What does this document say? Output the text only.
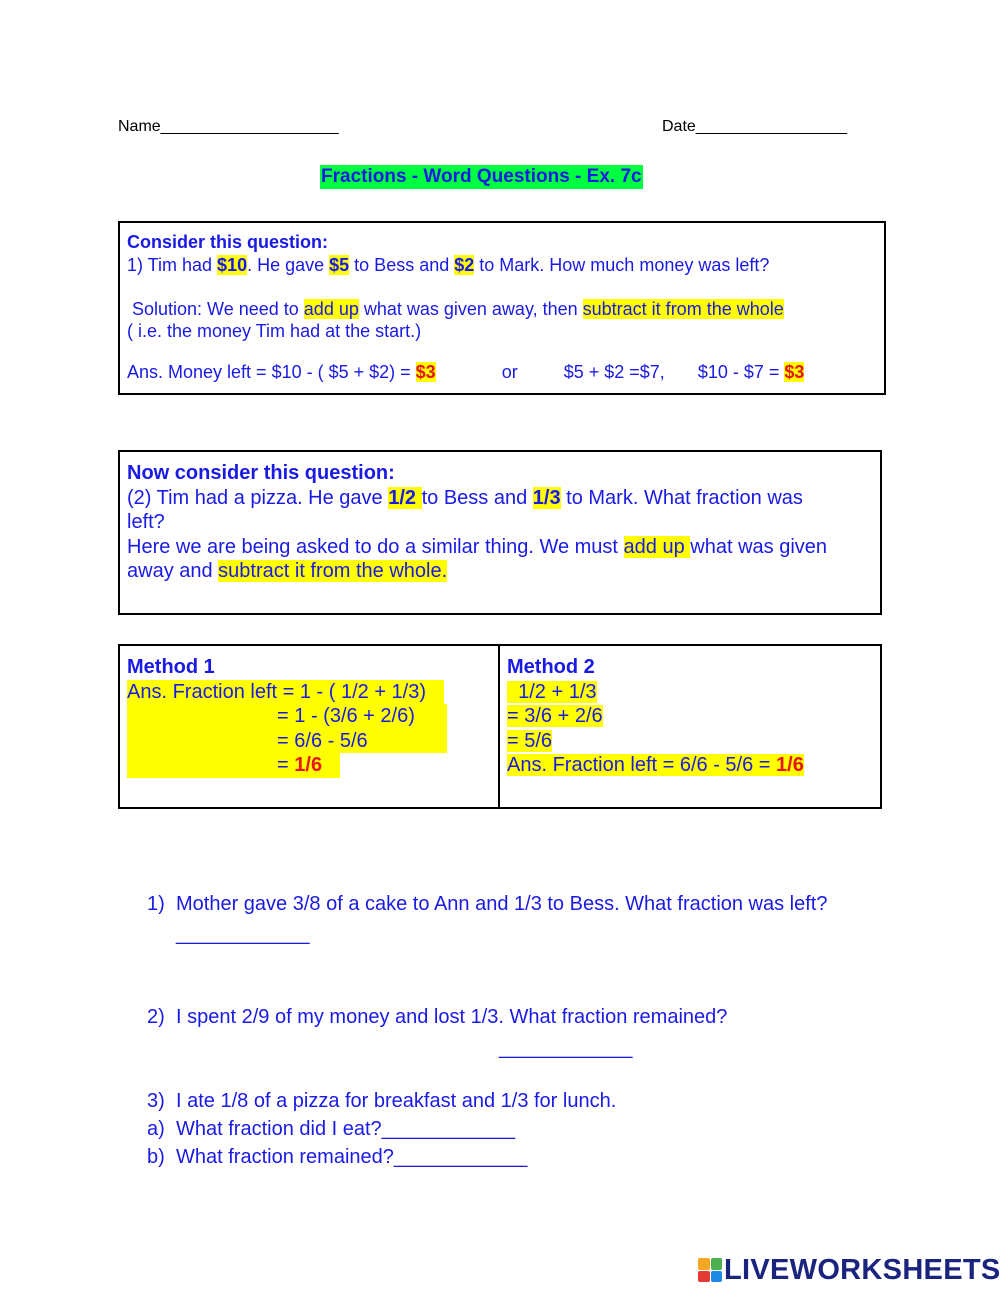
Name____________________	Date_________________
Fractions - Word Questions - Ex. 7c
Consider this question:
1) Tim had $10. He gave $5 to Bess and $2 to Mark. How much money was left?
Solution: We need to add up what was given away, then subtract it from the whole
( i.e. the money Tim had at the start.)
Ans. Money left = $10 - ( $5 + $2) = $3	or	$5 + $2 =$7, $10 - $7 = $3
Now consider this question:
(2) Tim had a pizza. He gave 1/2 to Bess and 1/3 to Mark. What fraction was
left?
Here we are being asked to do a similar thing. We must add up what was given
away and subtract it from the whole.
Method 1
Ans. Fraction left = 1 - ( 1/2 + 1/3)
= 1 - (3/6 + 2/6)
= 6/6 - 5/6
= 1/6
Method 2
1/2 + 1/3
= 3/6 + 2/6
= 5/6
Ans. Fraction left = 6/6 - 5/6 = 1/6
1) Mother gave 3/8 of a cake to Ann and 1/3 to Bess. What fraction was left?
____________
2) I spent 2/9 of my money and lost 1/3. What fraction remained?
____________
3) I ate 1/8 of a pizza for breakfast and 1/3 for lunch.
a) What fraction did I eat?____________
b) What fraction remained?____________
LIVEWORKSHEETS
